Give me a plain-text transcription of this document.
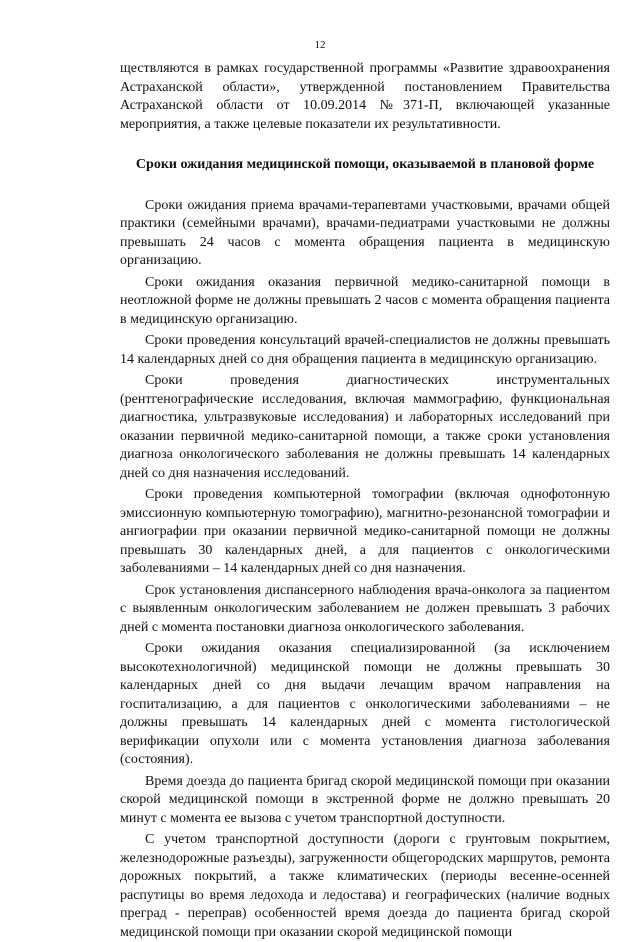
12

ществляются в рамках государственной программы «Развитие здравоохранения Астраханской области», утвержденной постановлением Правительства Астраханской области от 10.09.2014 №371-П, включающей указанные мероприятия, а также целевые показатели их результативности.

Сроки ожидания медицинской помощи, оказываемой в плановой форме

Сроки ожидания приема врачами-терапевтами участковыми, врачами общей практики (семейными врачами), врачами-педиатрами участковыми не должны превышать 24 часов с момента обращения пациента в медицинскую организацию.

Сроки ожидания оказания первичной медико-санитарной помощи в неотложной форме не должны превышать 2 часов с момента обращения пациента в медицинскую организацию.

Сроки проведения консультаций врачей-специалистов не должны превышать 14 календарных дней со дня обращения пациента в медицинскую организацию.

Сроки проведения диагностических инструментальных (рентгенографические исследования, включая маммографию, функциональная диагностика, ультразвуковые исследования) и лабораторных исследований при оказании первичной медико-санитарной помощи, а также сроки установления диагноза онкологического заболевания не должны превышать 14 календарных дней со дня назначения исследований.

Сроки проведения компьютерной томографии (включая однофотонную эмиссионную компьютерную томографию), магнитно-резонансной томографии и ангиографии при оказании первичной медико-санитарной помощи не должны превышать 30 календарных дней, а для пациентов с онкологическими заболеваниями – 14 календарных дней со дня назначения.

Срок установления диспансерного наблюдения врача-онколога за пациентом с выявленным онкологическим заболеванием не должен превышать 3 рабочих дней с момента постановки диагноза онкологического заболевания.

Сроки ожидания оказания специализированной (за исключением высокотехнологичной) медицинской помощи не должны превышать 30 календарных дней со дня выдачи лечащим врачом направления на госпитализацию, а для пациентов с онкологическими заболеваниями – не должны превышать 14 календарных дней с момента гистологической верификации опухоли или с момента установления диагноза заболевания (состояния).

Время доезда до пациента бригад скорой медицинской помощи при оказании скорой медицинской помощи в экстренной форме не должно превышать 20 минут с момента ее вызова с учетом транспортной доступности.

С учетом транспортной доступности (дороги с грунтовым покрытием, железнодорожные разъезды), загруженности общегородских маршрутов, ремонта дорожных покрытий, а также климатических (периоды весенне-осенней распутицы во время ледохода и ледостава) и географических (наличие водных преград - переправ) особенностей время доезда до пациента бригад скорой медицинской помощи при оказании скорой медицинской помощи
